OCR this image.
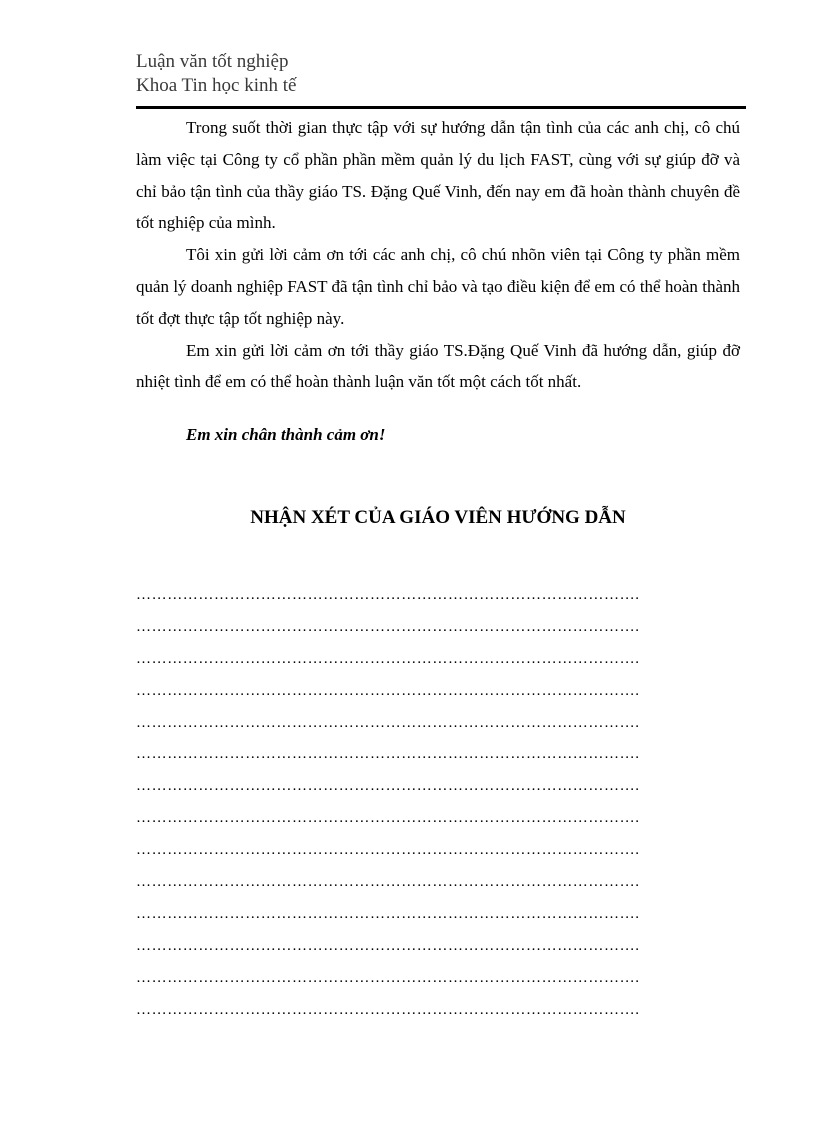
Luận văn tốt nghiệp
Khoa Tin học kinh tế

Trong suốt thời gian thực tập với sự hướng dẫn tận tình của các anh chị, cô chú làm việc tại Công ty cổ phần phần mềm quản lý du lịch FAST, cùng với sự giúp đỡ và chỉ bảo tận tình của thầy giáo TS. Đặng Quế Vinh, đến nay em đã hoàn thành chuyên đề tốt nghiệp của mình.

Tôi xin gửi lời cảm ơn tới các anh chị, cô chú nhõn viên tại Công ty phần mềm quản lý doanh nghiệp FAST đã tận tình chỉ bảo và tạo điều kiện để em có thể hoàn thành tốt đợt thực tập tốt nghiệp này.

Em xin gửi lời cảm ơn tới thầy giáo TS.Đặng Quế Vinh đã hướng dẫn, giúp đỡ nhiệt tình để em có thể hoàn thành luận văn tốt một cách tốt nhất.

Em xin chân thành cảm ơn!
NHẬN XÉT CỦA GIÁO VIÊN HƯỚNG DẪN
…………………………………………………………………………………….
…………………………………………………………………………………….
…………………………………………………………………………………….
…………………………………………………………………………………….
…………………………………………………………………………………….
…………………………………………………………………………………….
…………………………………………………………………………………….
…………………………………………………………………………………….
…………………………………………………………………………………….
…………………………………………………………………………………….
…………………………………………………………………………………….
…………………………………………………………………………………….
…………………………………………………………………………………….
…………………………………………………………………………………….
